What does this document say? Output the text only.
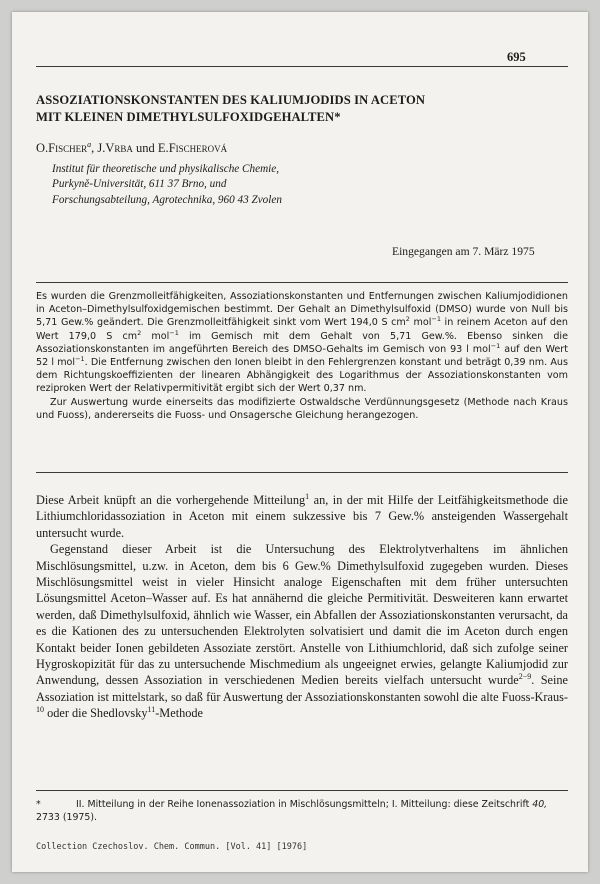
695
ASSOZIATIONSKONSTANTEN DES KALIUMJODIDS IN ACETON
MIT KLEINEN DIMETHYLSULFOXIDGEHALTEN*
O.Fischer$^a$, J.Vrba und E.Fischerová
Institut für theoretische und physikalische Chemie,
Purkyně-Universität, 611 37 Brno, und
Forschungsabteilung, Agrotechnika, 960 43 Zvolen
Eingegangen am 7. März 1975

Es wurden die Grenzmolleitfähigkeiten, Assoziationskonstanten und Entfernungen zwischen Kaliumjodidionen in Aceton–Dimethylsulfoxidgemischen bestimmt. Der Gehalt an Dimethylsulfoxid (DMSO) wurde von Null bis 5,71 Gew.% geändert. Die Grenzmolleitfähigkeit sinkt vom Wert 194,0 S $cm^2$ mol$^{-1}$ in reinem Aceton auf den Wert 179,0 S $cm^2$ mol$^{-1}$ im Gemisch mit dem Gehalt von 5,71 Gew.%. Ebenso sinken die Assoziationskonstanten im angeführten Bereich des DMSO-Gehalts im Gemisch von 93 l mol$^{-1}$ auf den Wert 52 l mol$^{-1}$. Die Entfernung zwischen den Ionen bleibt in den Fehlergrenzen konstant und beträgt 0,39 nm. Aus dem Richtungskoeffizienten der linearen Abhängigkeit des Logarithmus der Assoziationskonstanten vom reziproken Wert der Relativpermitivität ergibt sich der Wert 0,37 nm.

Zur Auswertung wurde einerseits das modifizierte Ostwaldsche Verdünnungsgesetz (Methode nach Kraus und Fuoss), andererseits die Fuoss- und Onsagersche Gleichung herangezogen.

Diese Arbeit knüpft an die vorhergehende Mitteilung$^1$ an, in der mit Hilfe der Leitfähigkeitsmethode die Lithiumchloridassoziation in Aceton mit einem sukzessive bis 7 Gew.% ansteigenden Wassergehalt untersucht wurde.

Gegenstand dieser Arbeit ist die Untersuchung des Elektrolytverhaltens im ähnlichen Mischlösungsmittel, u.zw. in Aceton, dem bis 6 Gew.% Dimethylsulfoxid zugegeben wurden. Dieses Mischlösungsmittel weist in vieler Hinsicht analoge Eigenschaften mit dem früher untersuchten Lösungsmittel Aceton–Wasser auf. Es hat annähernd die gleiche Permitivität. Desweiteren kann erwartet werden, daß Dimethylsulfoxid, ähnlich wie Wasser, ein Abfallen der Assoziationskonstanten verursacht, da es die Kationen des zu untersuchenden Elektrolyten solvatisiert und damit die im Aceton durch engen Kontakt beider Ionen gebildeten Assoziate zerstört. Anstelle von Lithiumchlorid, daß sich zufolge seiner Hygroskopizität für das zu untersuchende Mischmedium als ungeeignet erwies, gelangte Kaliumjodid zur Anwendung, dessen Assoziation in verschiedenen Medien bereits vielfach untersucht wurde$^{2-9}$. Seine Assoziation ist mittelstark, so daß für Auswertung der Assoziationskonstanten sowohl die alte Fuoss-Kraus-$^{10}$ oder die Shedlovsky$^{11}$-Methode

*	II. Mitteilung in der Reihe Ionenassoziation in Mischlösungsmitteln; I. Mitteilung: diese Zeitschrift 40, 2733 (1975).
Collection Czechoslov. Chem. Commun. [Vol. 41] [1976]
